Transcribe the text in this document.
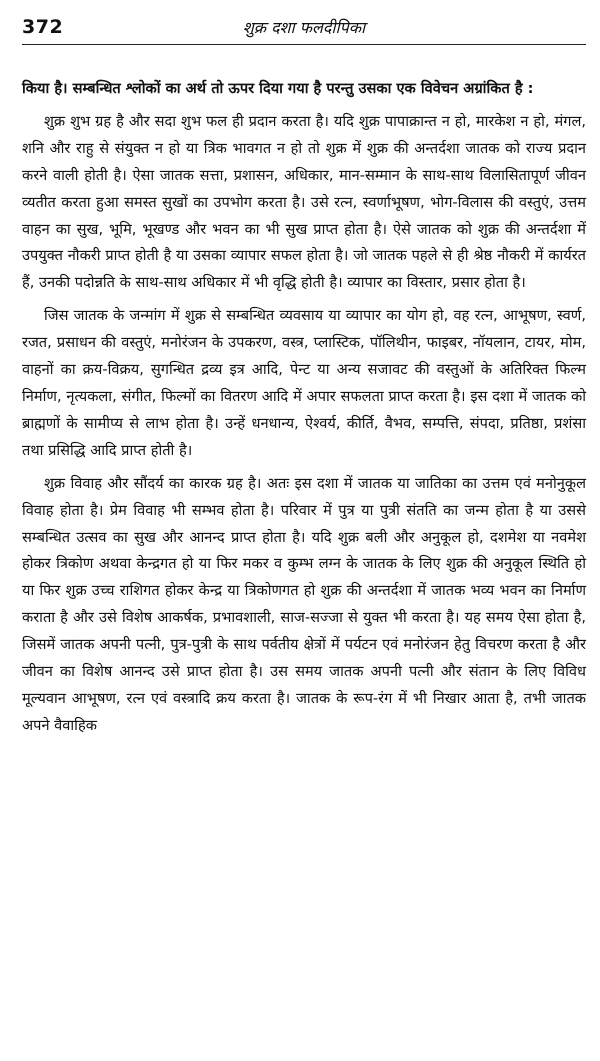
372	शुक्र दशा फलदीपिका

किया है। सम्बन्धित श्लोकों का अर्थ तो ऊपर दिया गया है परन्तु उसका एक विवेचन अग्रांकित है :

शुक्र शुभ ग्रह है और सदा शुभ फल ही प्रदान करता है। यदि शुक्र पापाक्रान्त न हो, मारकेश न हो, मंगल, शनि और राहु से संयुक्त न हो या त्रिक भावगत न हो तो शुक्र में शुक्र की अन्तर्दशा जातक को राज्य प्रदान करने वाली होती है। ऐसा जातक सत्ता, प्रशासन, अधिकार, मान-सम्मान के साथ-साथ विलासितापूर्ण जीवन व्यतीत करता हुआ समस्त सुखों का उपभोग करता है। उसे रत्न, स्वर्णाभूषण, भोग-विलास की वस्तुएं, उत्तम वाहन का सुख, भूमि, भूखण्ड और भवन का भी सुख प्राप्त होता है। ऐसे जातक को शुक्र की अन्तर्दशा में उपयुक्त नौकरी प्राप्त होती है या उसका व्यापार सफल होता है। जो जातक पहले से ही श्रेष्ठ नौकरी में कार्यरत हैं, उनकी पदोन्नति के साथ-साथ अधिकार में भी वृद्धि होती है। व्यापार का विस्तार, प्रसार होता है।

जिस जातक के जन्मांग में शुक्र से सम्बन्धित व्यवसाय या व्यापार का योग हो, वह रत्न, आभूषण, स्वर्ण, रजत, प्रसाधन की वस्तुएं, मनोरंजन के उपकरण, वस्त्र, प्लास्टिक, पॉलिथीन, फाइबर, नॉयलान, टायर, मोम, वाहनों का क्रय-विक्रय, सुगन्धित द्रव्य इत्र आदि, पेन्ट या अन्य सजावट की वस्तुओं के अतिरिक्त फिल्म निर्माण, नृत्यकला, संगीत, फिल्मों का वितरण आदि में अपार सफलता प्राप्त करता है। इस दशा में जातक को ब्राह्मणों के सामीप्य से लाभ होता है। उन्हें धनधान्य, ऐश्वर्य, कीर्ति, वैभव, सम्पत्ति, संपदा, प्रतिष्ठा, प्रशंसा तथा प्रसिद्धि आदि प्राप्त होती है।

शुक्र विवाह और सौंदर्य का कारक ग्रह है। अतः इस दशा में जातक या जातिका का उत्तम एवं मनोनुकूल विवाह होता है। प्रेम विवाह भी सम्भव होता है। परिवार में पुत्र या पुत्री संतति का जन्म होता है या उससे सम्बन्धित उत्सव का सुख और आनन्द प्राप्त होता है। यदि शुक्र बली और अनुकूल हो, दशमेश या नवमेश होकर त्रिकोण अथवा केन्द्रगत हो या फिर मकर व कुम्भ लग्न के जातक के लिए शुक्र की अनुकूल स्थिति हो या फिर शुक्र उच्च राशिगत होकर केन्द्र या त्रिकोणगत हो शुक्र की अन्तर्दशा में जातक भव्य भवन का निर्माण कराता है और उसे विशेष आकर्षक, प्रभावशाली, साज-सज्जा से युक्त भी करता है। यह समय ऐसा होता है, जिसमें जातक अपनी पत्नी, पुत्र-पुत्री के साथ पर्वतीय क्षेत्रों में पर्यटन एवं मनोरंजन हेतु विचरण करता है और जीवन का विशेष आनन्द उसे प्राप्त होता है। उस समय जातक अपनी पत्नी और संतान के लिए विविध मूल्यवान आभूषण, रत्न एवं वस्त्रादि क्रय करता है। जातक के रूप-रंग में भी निखार आता है, तभी जातक अपने वैवाहिक
